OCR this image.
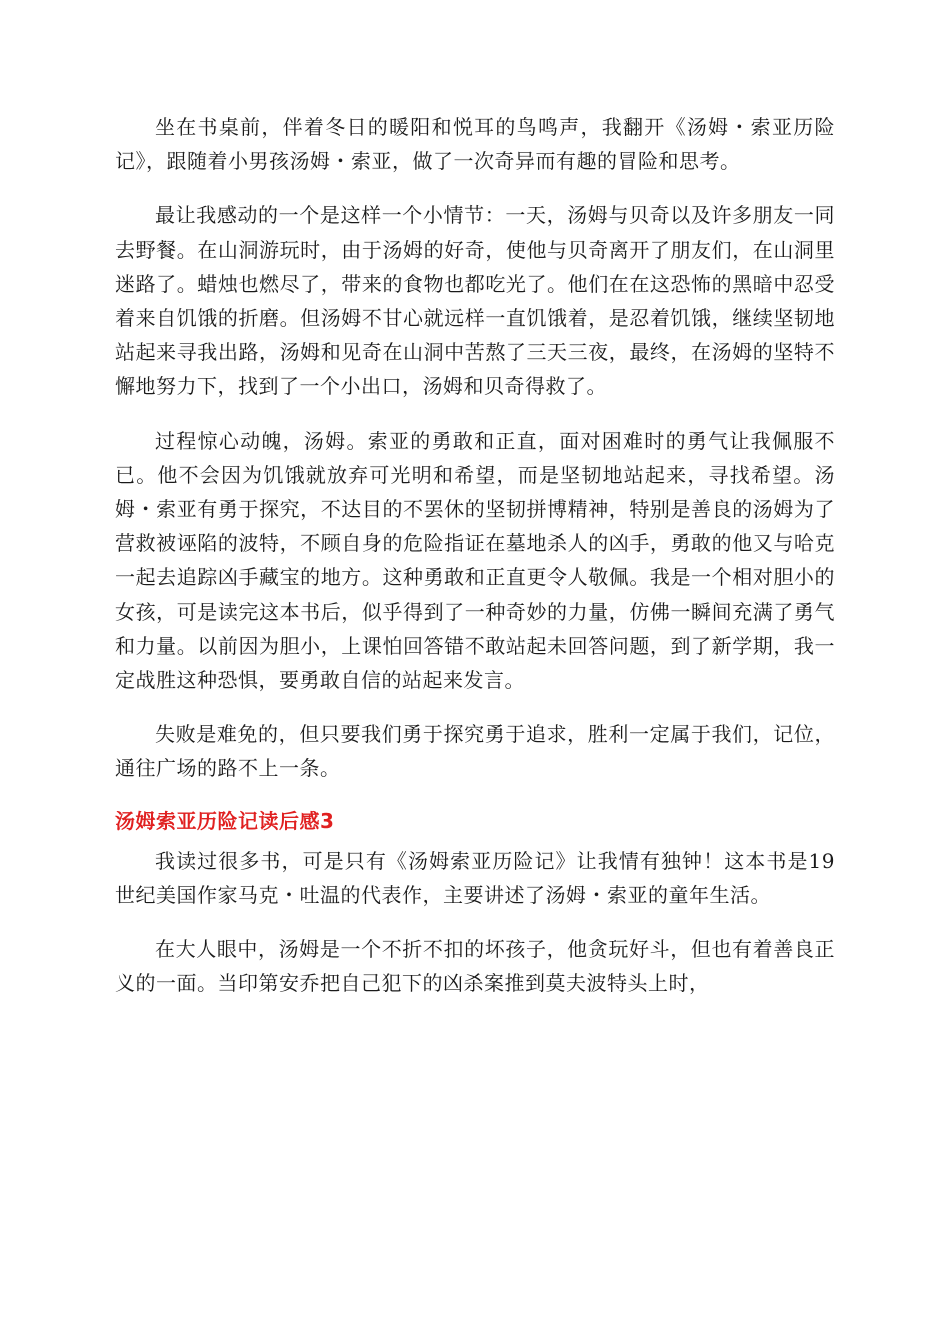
坐在书桌前，伴着冬日的暖阳和悦耳的鸟鸣声，我翻开《汤姆・索亚历险记》，跟随着小男孩汤姆・索亚，做了一次奇异而有趣的冒险和思考。

最让我感动的一个是这样一个小情节：一天，汤姆与贝奇以及许多朋友一同去野餐。在山洞游玩时，由于汤姆的好奇，使他与贝奇离开了朋友们，在山洞里迷路了。蜡烛也燃尽了，带来的食物也都吃光了。他们在在这恐怖的黑暗中忍受着来自饥饿的折磨。但汤姆不甘心就远样一直饥饿着，是忍着饥饿，继续坚韧地站起来寻我出路，汤姆和见奇在山洞中苦熬了三天三夜，最终，在汤姆的坚特不懈地努力下，找到了一个小出口，汤姆和贝奇得救了。

过程惊心动魄，汤姆。索亚的勇敢和正直，面对困难时的勇气让我佩服不已。他不会因为饥饿就放弃可光明和希望，而是坚韧地站起来，寻找希望。汤姆・索亚有勇于探究，不达目的不罢休的坚韧拼博精神，特别是善良的汤姆为了营救被诬陷的波特，不顾自身的危险指证在墓地杀人的凶手，勇敢的他又与哈克一起去追踪凶手藏宝的地方。这种勇敢和正直更令人敬佩。我是一个相对胆小的女孩，可是读完这本书后，似乎得到了一种奇妙的力量，仿佛一瞬间充满了勇气和力量。以前因为胆小，上课怕回答错不敢站起未回答问题，到了新学期，我一定战胜这种恐惧，要勇敢自信的站起来发言。

失败是难免的，但只要我们勇于探究勇于追求，胜利一定属于我们，记位，通往广场的路不上一条。

汤姆索亚历险记读后感3

我读过很多书，可是只有《汤姆索亚历险记》让我情有独钟！这本书是19世纪美国作家马克・吐温的代表作，主要讲述了汤姆・索亚的童年生活。

在大人眼中，汤姆是一个不折不扣的坏孩子，他贪玩好斗，但也有着善良正义的一面。当印第安乔把自己犯下的凶杀案推到莫夫波特头上时，
